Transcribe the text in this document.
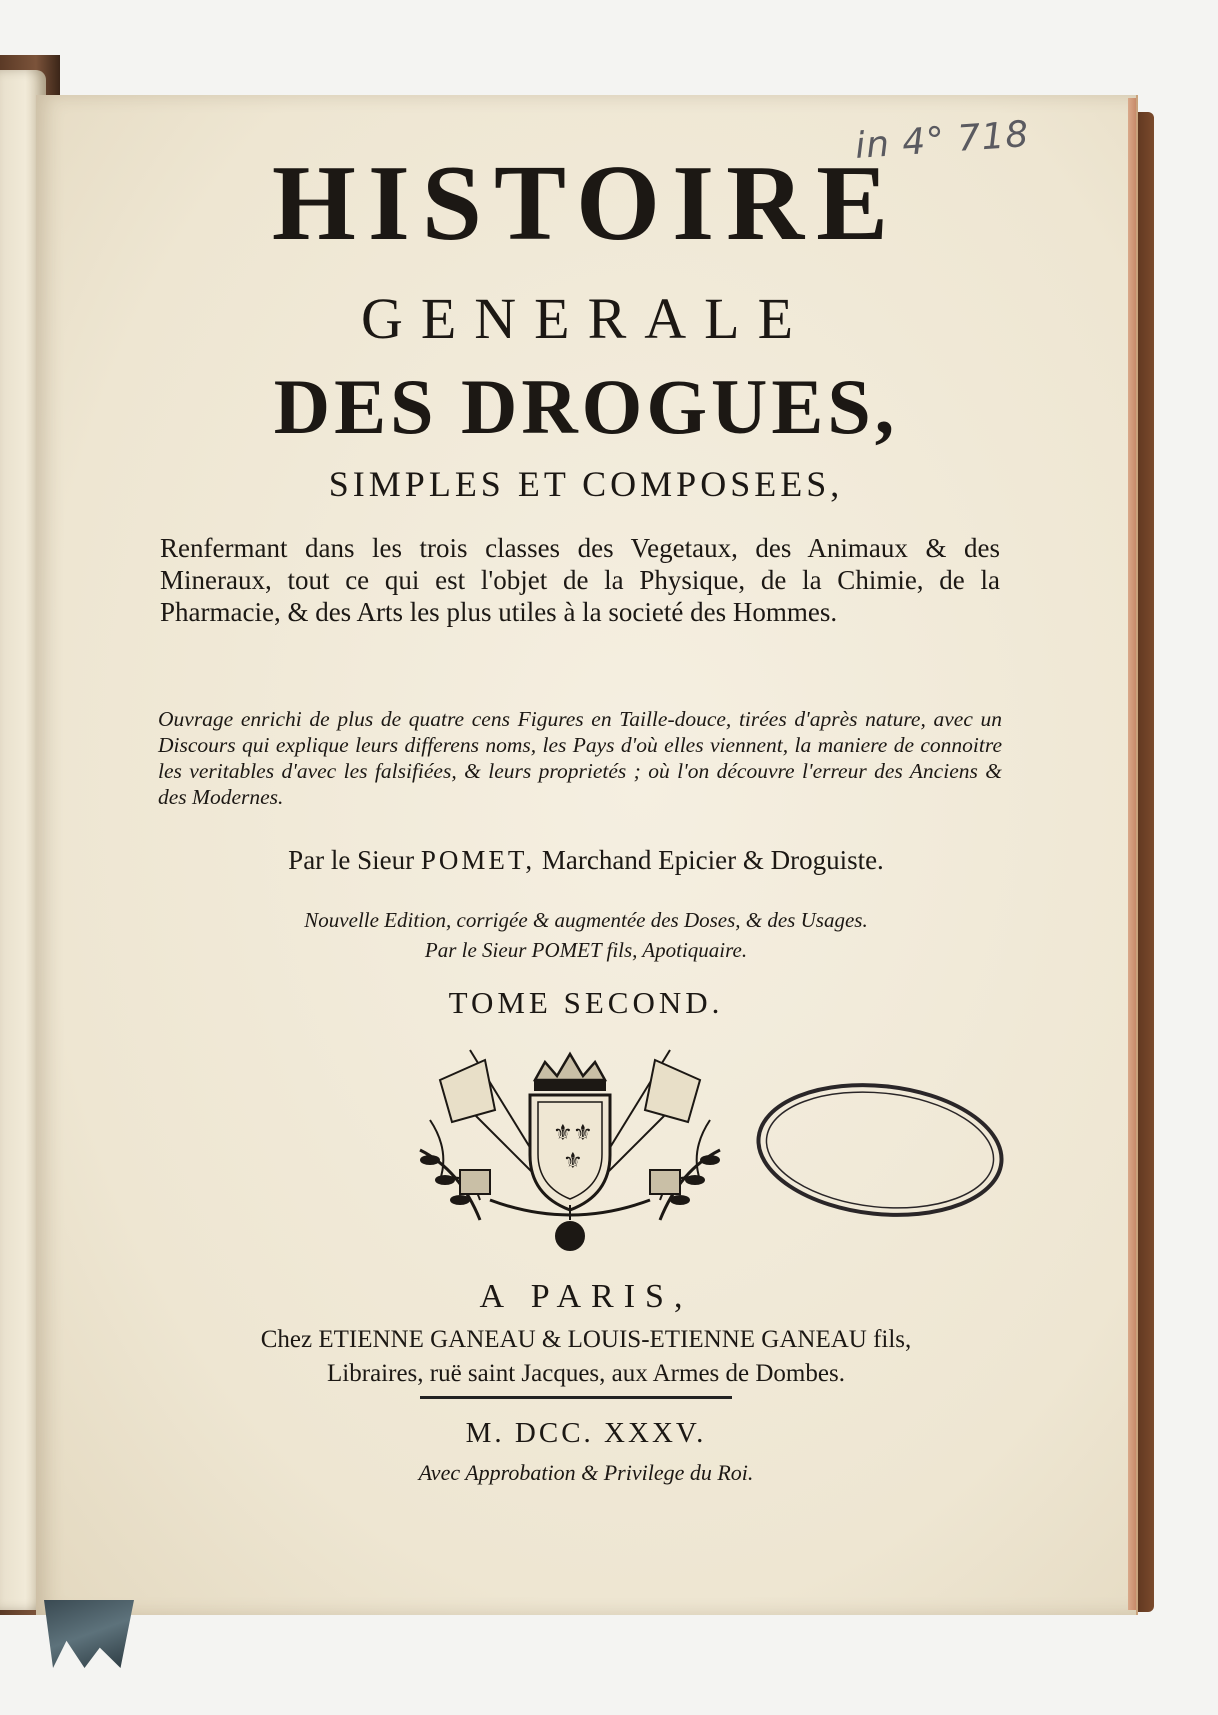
in 4° 718
HISTOIRE
GENERALE
DES DROGUES,
SIMPLES ET COMPOSEES,
Renfermant dans les trois classes des Vegetaux, des Animaux & des Mineraux, tout ce qui est l'objet de la Physique, de la Chimie, de la Pharmacie, & des Arts les plus utiles à la societé des Hommes.
Ouvrage enrichi de plus de quatre cens Figures en Taille-douce, tirées d'après nature, avec un Discours qui explique leurs differens noms, les Pays d'où elles viennent, la maniere de connoitre les veritables d'avec les falsifiées, & leurs proprietés ; où l'on découvre l'erreur des Anciens & des Modernes.
Par le Sieur POMET, Marchand Epicier & Droguiste.
Nouvelle Edition, corrigée & augmentée des Doses, & des Usages.
Par le Sieur POMET fils, Apotiquaire.
TOME SECOND.
⚜ ⚜
⚜
A PARIS,
Chez ETIENNE GANEAU & LOUIS-ETIENNE GANEAU fils,
Libraires, ruë saint Jacques, aux Armes de Dombes.
M. DCC. XXXV.
Avec Approbation & Privilege du Roi.
